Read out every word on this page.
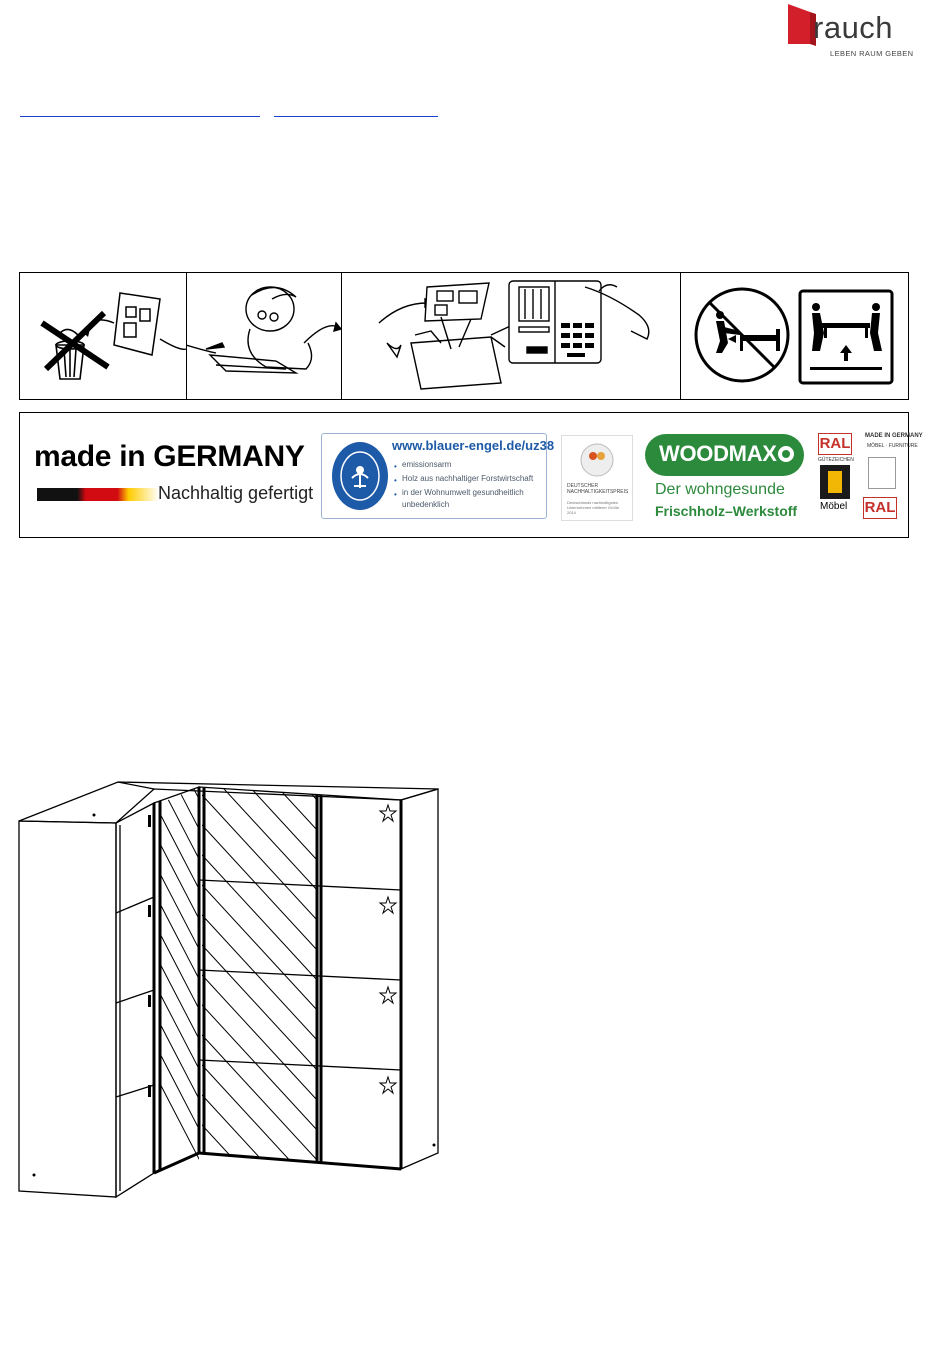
rauch
LEBEN RAUM GEBEN
made in GERMANY
Nachhaltig gefertigt
www.blauer-engel.de/uz38
emissionsarm
Holz aus nachhaltiger Forstwirtschaft
in der Wohnumwelt gesundheitlich
unbedenklich
•
•
•
DEUTSCHER NACHHALTIGKEITSPREIS
Deutschlands nachhaltigstes Unternehmen mittlerer Größe 2014
WOODMAX
Der wohngesunde
Frischholz–Werkstoff
RAL
GÜTEZEICHEN
Möbel
MADE IN GERMANY
MÖBEL · FURNITURE
RAL
